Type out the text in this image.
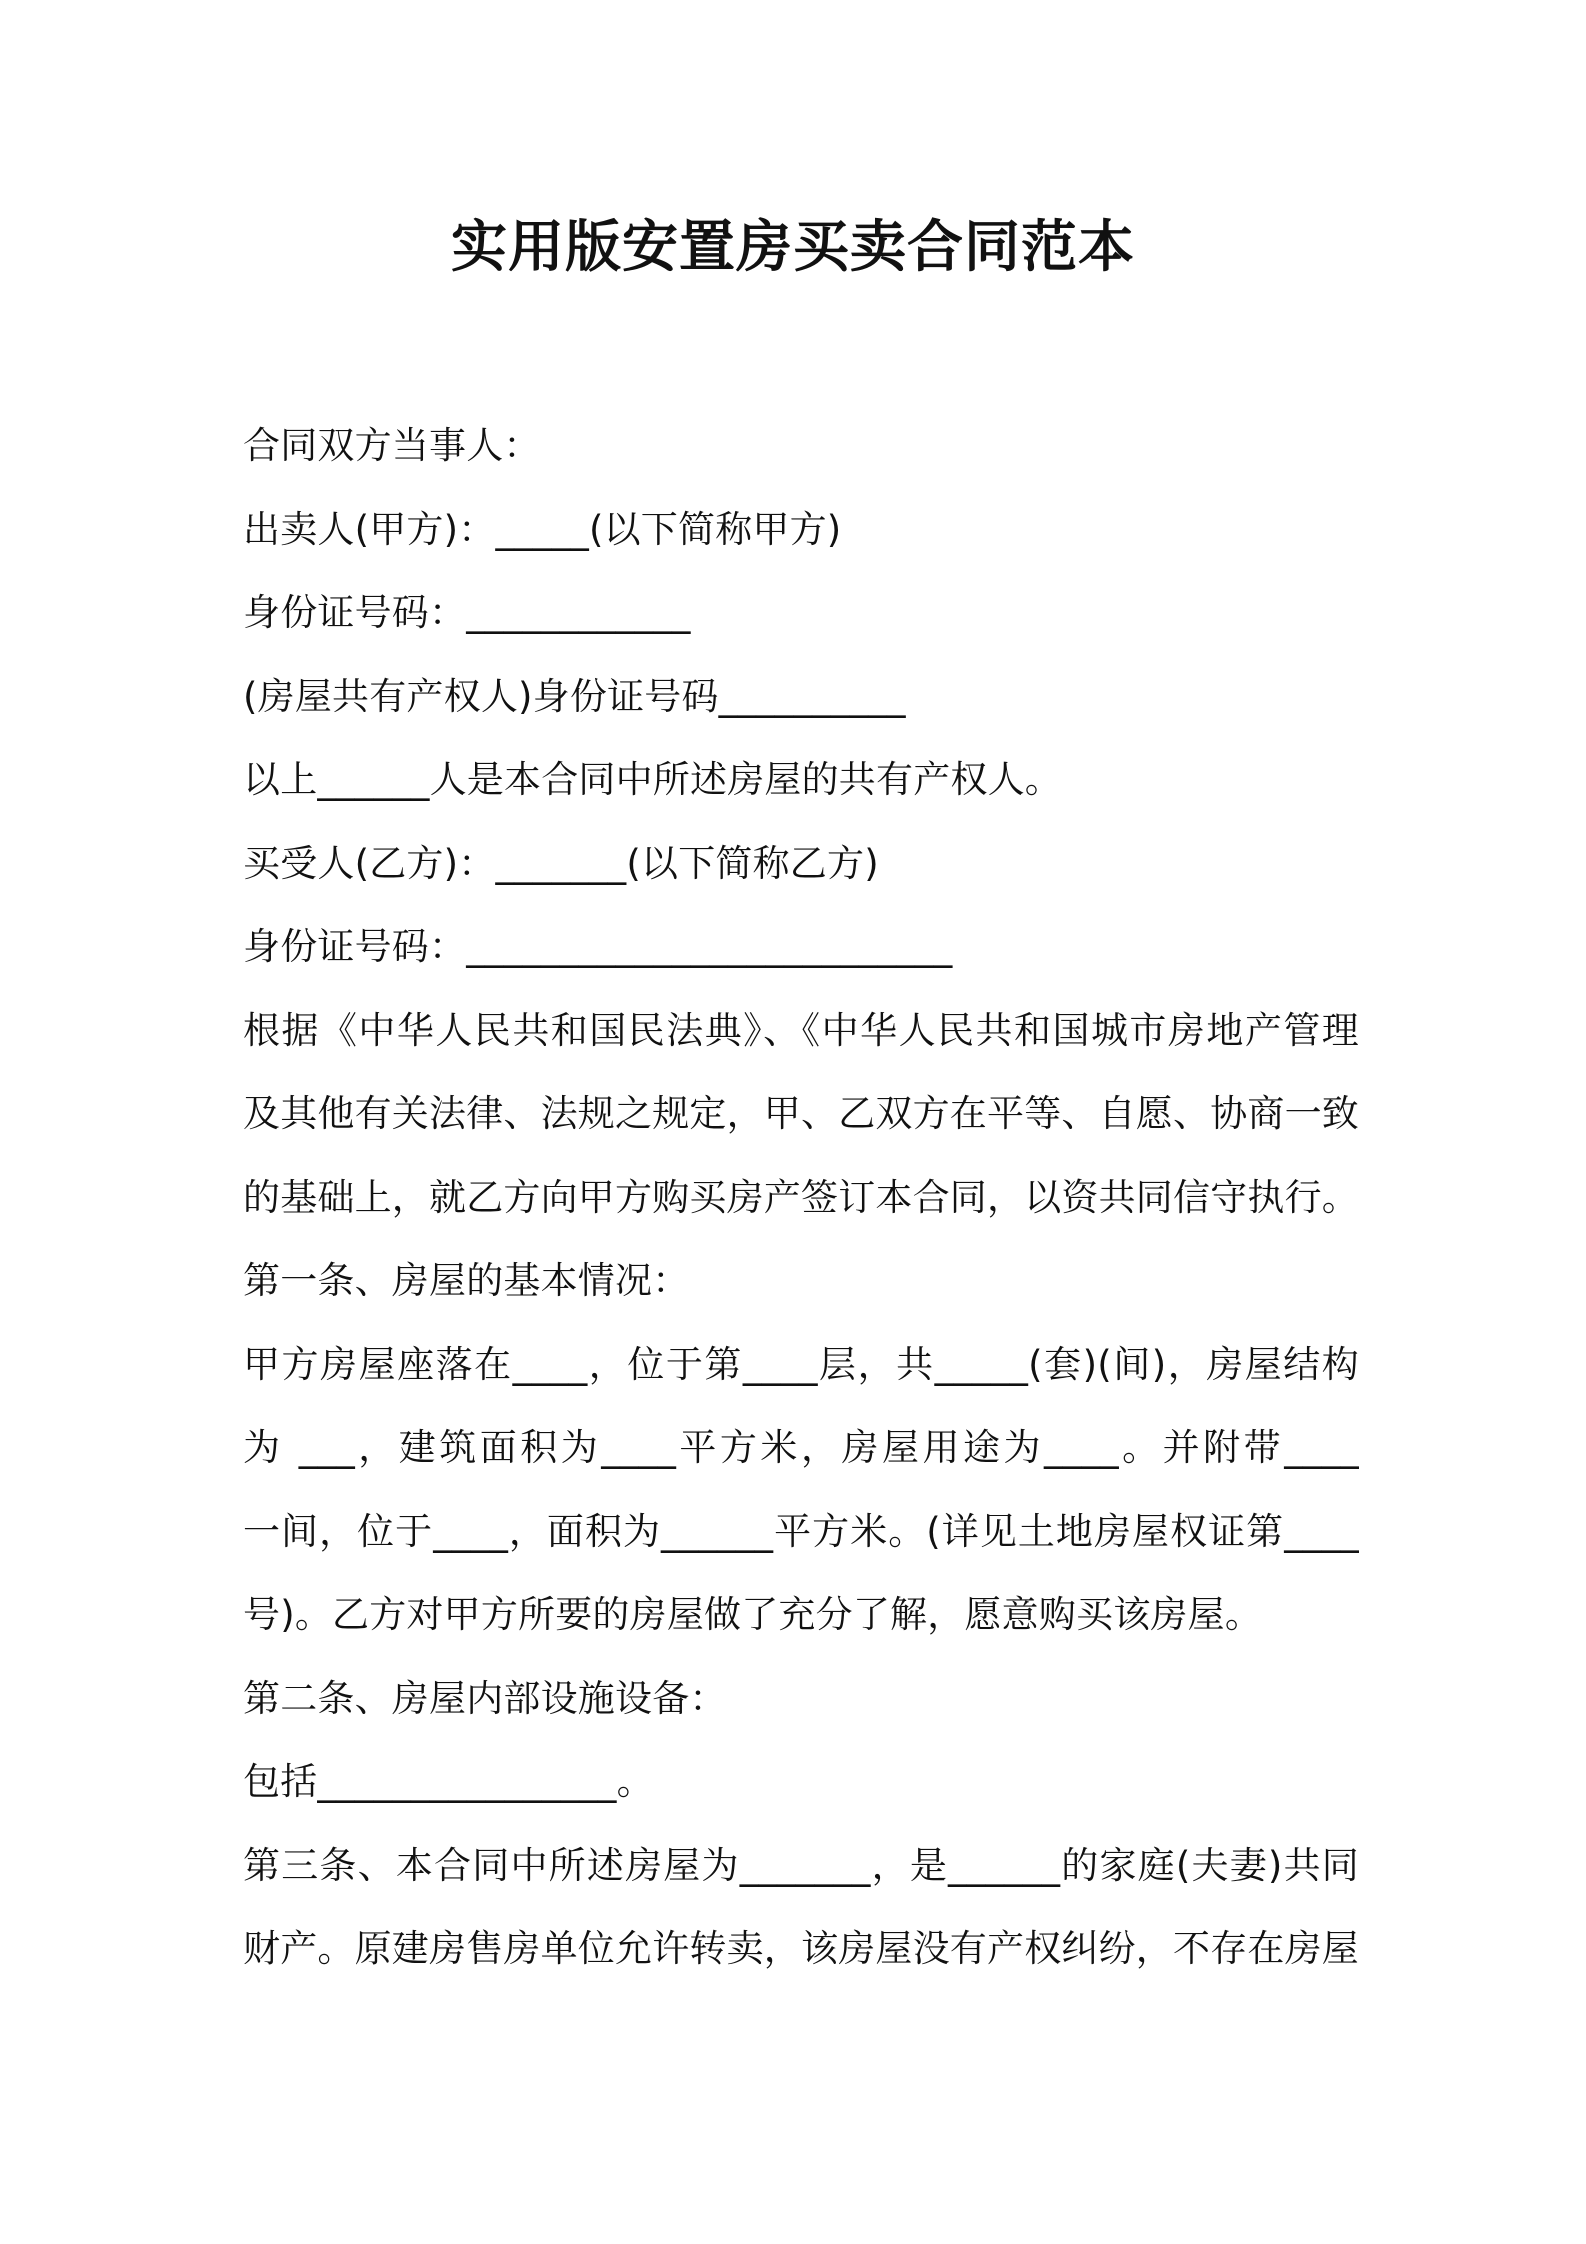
实用版安置房买卖合同范本
合同双方当事人：
出卖人(甲方)：_____(以下简称甲方)
身份证号码：____________
(房屋共有产权人)身份证号码__________
以上______人是本合同中所述房屋的共有产权人。
买受人(乙方)：_______(以下简称乙方)
身份证号码：__________________________
根据《中华人民共和国民法典》、《中华人民共和国城市房地产管理
及其他有关法律、法规之规定，甲、乙双方在平等、自愿、协商一致
的基础上，就乙方向甲方购买房产签订本合同，以资共同信守执行。
第一条、房屋的基本情况：
甲方房屋座落在____，位于第____层，共_____(套)(间)，房屋结构
为 ___，建筑面积为____平方米，房屋用途为____。并附带____
一间，位于____，面积为______平方米。(详见土地房屋权证第____
号)。乙方对甲方所要的房屋做了充分了解，愿意购买该房屋。
第二条、房屋内部设施设备：
包括________________。
第三条、本合同中所述房屋为_______，是______的家庭(夫妻)共同
财产。原建房售房单位允许转卖，该房屋没有产权纠纷，不存在房屋
